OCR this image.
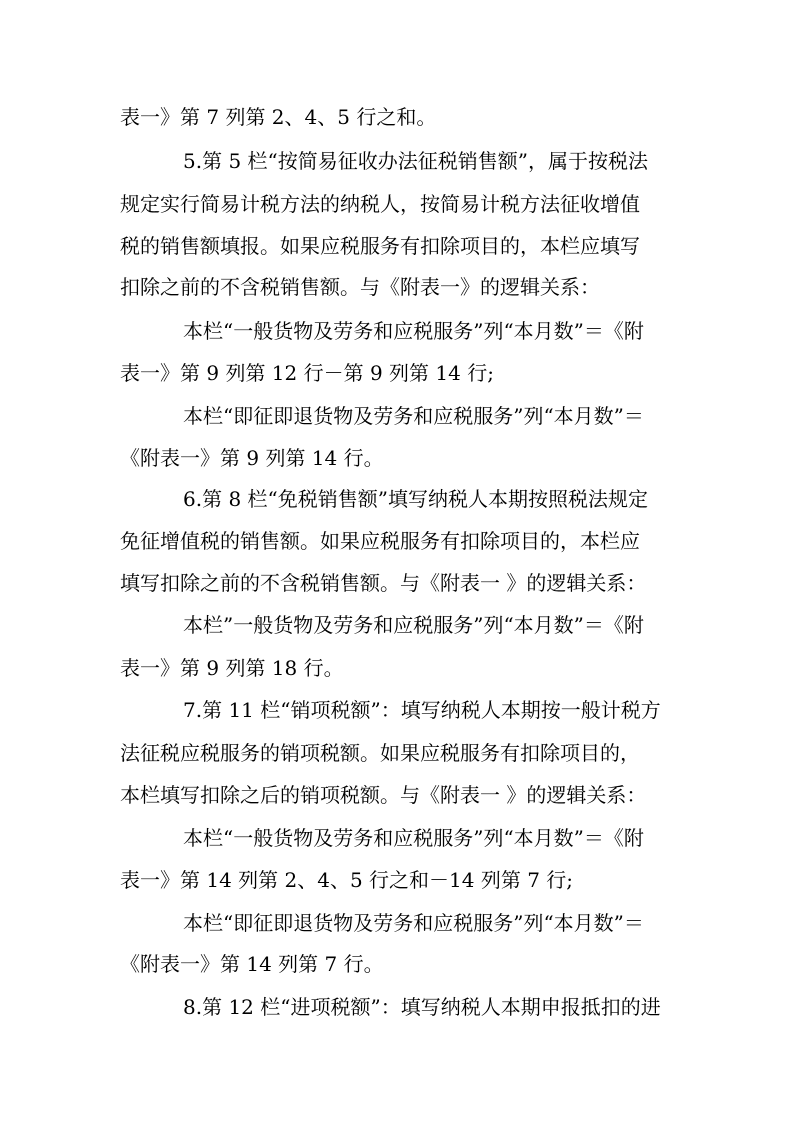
表一》第 7 列第 2、4、5 行之和。
5.第 5 栏“按简易征收办法征税销售额”，属于按税法
规定实行简易计税方法的纳税人，按简易计税方法征收增值
税的销售额填报。如果应税服务有扣除项目的，本栏应填写
扣除之前的不含税销售额。与《附表一》的逻辑关系：
本栏“一般货物及劳务和应税服务”列“本月数”＝《附
表一》第 9 列第 12 行－第 9 列第 14 行;
本栏“即征即退货物及劳务和应税服务”列“本月数”＝
《附表一》第 9 列第 14 行。
6.第 8 栏“免税销售额”填写纳税人本期按照税法规定
免征增值税的销售额。如果应税服务有扣除项目的，本栏应
填写扣除之前的不含税销售额。与《附表一 》的逻辑关系：
本栏”一般货物及劳务和应税服务”列“本月数”＝《附
表一》第 9 列第 18 行。
7.第 11 栏“销项税额”：填写纳税人本期按一般计税方
法征税应税服务的销项税额。如果应税服务有扣除项目的，
本栏填写扣除之后的销项税额。与《附表一 》的逻辑关系：
本栏“一般货物及劳务和应税服务”列“本月数”＝《附
表一》第 14 列第 2、4、5 行之和－14 列第 7 行;
本栏“即征即退货物及劳务和应税服务”列“本月数”＝
《附表一》第 14 列第 7 行。
8.第 12 栏“进项税额”：填写纳税人本期申报抵扣的进
